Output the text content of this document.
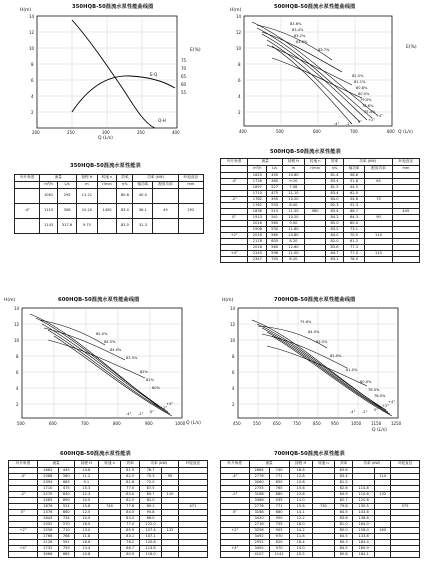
350HQB-50混流水泵性能曲线图
H(m)
E(%)
Q (L/s)
200	250	300	350	400
2
4
6
8
10
12
14
75
70
65
60
55
Q-H
E-Q
500HQB-50混流水泵性能曲线图
H(m)
E(%)
Q (L/s)
400	500	600	700	800
2
4
6
8
10
12
14
83.6%
83.4%
83.2%
83.0%
83.7%
82.5%
81.1%
80.8%
80.5%
79.0%
78.6%
75.4%
+4°
+2°
0°
-2°
-4°
350HQB-50混流水泵性能表
叶片角度	流量		扬程 H	转速 n	效率	功率 (kW)		叶轮直径
	m³/h	L/s	m	r/min	η%	轴功率	配用功率	mm
	1061	295	11.21		80.8	40.0		
-4°	1110	308	10.20	1450	83.0	36.1	45	292
	1143	317.6	9.75		83.0	31.3		
500HQB-50混流水泵性能表
叶片角度	流量		扬程 H	转速 n	效率	功率 (kW)		叶轮直径
	m³/h	L/s	m	r/min	η%	轴功率	配用功率	mm
	1620	450	10.80		81.4	58.8		
-4°	1728	480	9.20		83.4	51.8	65	
	1897	527	7.08		81.5	44.5		
	1710	475	11.10		83.4	62.0		
-2°	1782	495	10.20		84.0	54.8	75	
	1782	533	8.00		82.3	52.3		
	1836	510	11.50	980	83.4	66.7		445
0°	1913	541	10.20		84.2	64.3	90	
	2016	560	9.00		85.0	60.0		
	1908	530	11.80		83.5	73.1		
+2°	2016	560	10.80		84.0	70.5	110	
	2178	605	8.20		82.0	61.2		
	2016	560	12.60		83.8	77.3		
+4°	2145	596	11.00		84.7	77.0	110	
	2347	745	8.20		83.1	78.0		
600HQB-50混流水泵性能曲线图
H(m)
Q (L/s)
500	600	700	800	900	1000
2
4
6
8
10
12
14
85.0%
84.5%
84.0%
83.5%
82%
81%
80%
+4°
+2°
0°
-2°
-4°
700HQB-50混流水泵性能曲线图
H(m)
Q (L/s)
450	550	650	750	850	950	1050 1150 1250
2
4
6
8
10
12
14
75.6%
84.0%
83.5%
82.0%
81.0%
80.0%
78.0%
76.0%
+4°
+2°
0°
-2°
-4°
600HQB-50混流水泵性能表
叶片角度	流量		扬程 H	转速 n	效率	功率 (kW)		叶轮直径
	1662	445	14.8		81.5	78.7		
-4°	2088	580	11.2		82.5	70.3	95	
	2394	665	9.1		81.6	72.0		
	1710	475	15.3		77.0	87.5		
-2°	2270	630	12.3		83.0	89.7	110	
	2485	690	10.0		82.5	82.0		
	1876	521	15.8	740	77.6	89.1		471
0°	2376	660	12.5		84.5	95.8		
	2643	734	10.0		83.5	86.0		
	2052	570	16.0		77.0	122.0		
+2°	2556	710	13.0		85.9	107.4	132	
	2766	768	11.8		83.1	107.1		
	2126	591	16.6		76.2	120.8		
+4°	2732	759	13.4		86.7	114.8		
	3066	865	10.8		80.0	116.0		
700HQB-50混流水泵性能表
叶片角度	流量		扬程 H	转速 n	效率	功率 (kW)		叶轮直径
	2664	740	16.8		83.6			
-4°	2776	771	12.8		83.4		110	
	3060	850	10.8		81.2			
	2755	765	15.6		82.6	114.8		
-2°	3168	880	12.8		84.9	110.6	132	
	3366	935	11.0		82.7	120.8		
	2776	771	15.6	730	79.8	130.5		575
0°	3168	880	14.1		84.5	143.8		
	3420	950	12.2		83.6	138.6		
	2718	755	18.0		81.0	164.0		
+2°	3258	905	14.2		85.0	158.0	160	
	3492	970	11.8		84.5	133.6		
	2952	820	18.4		80.3	184.4		
+4°	3492	970	15.0		84.5	169.9		
	4107	1141	10.5		80.8	184.1		
